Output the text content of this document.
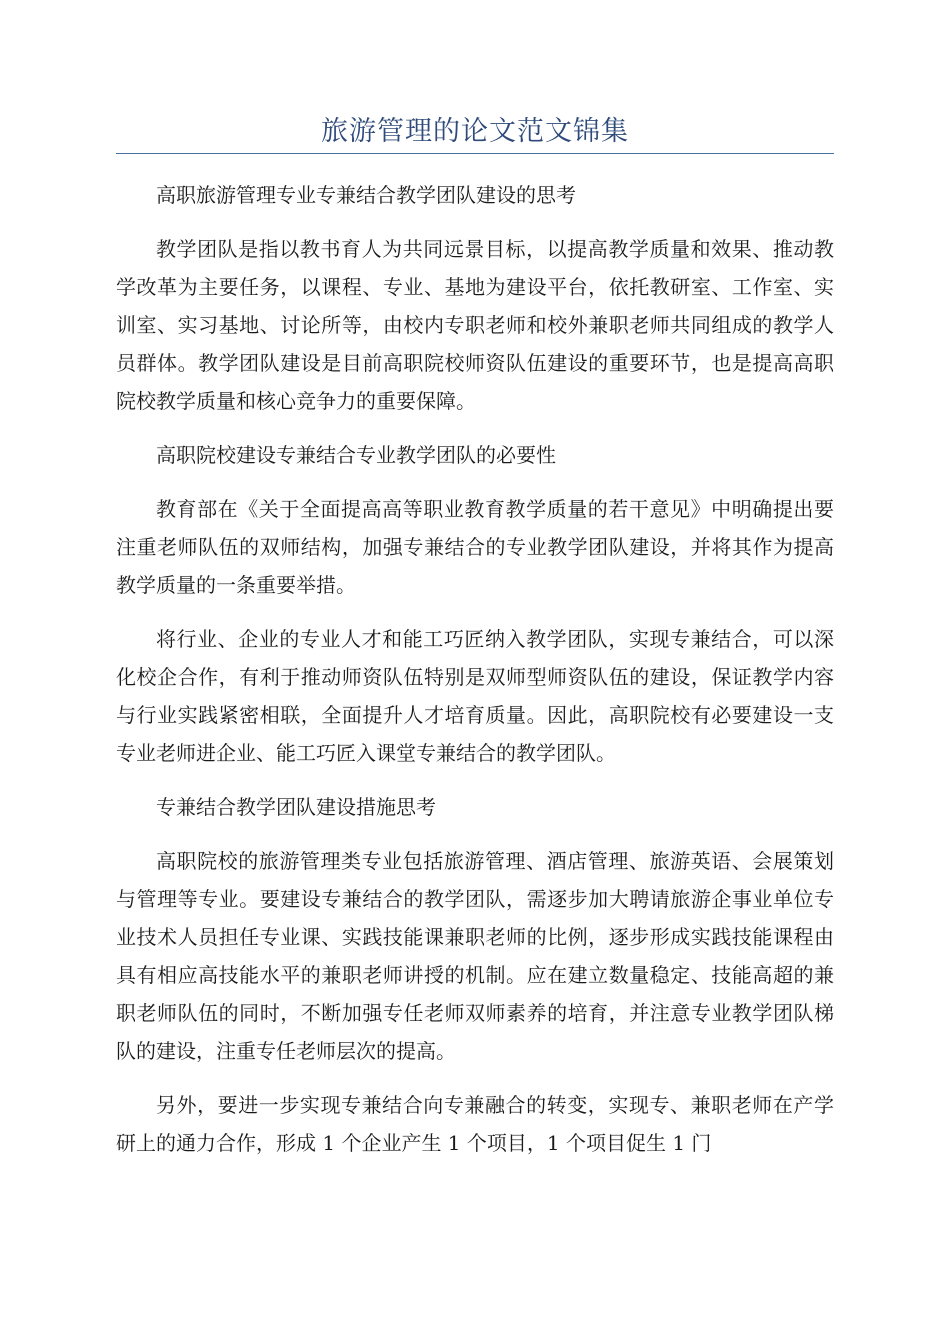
旅游管理的论文范文锦集

高职旅游管理专业专兼结合教学团队建设的思考

教学团队是指以教书育人为共同远景目标，以提高教学质量和效果、推动教学改革为主要任务，以课程、专业、基地为建设平台，依托教研室、工作室、实训室、实习基地、讨论所等，由校内专职老师和校外兼职老师共同组成的教学人员群体。教学团队建设是目前高职院校师资队伍建设的重要环节，也是提高高职院校教学质量和核心竞争力的重要保障。

高职院校建设专兼结合专业教学团队的必要性

教育部在《关于全面提高高等职业教育教学质量的若干意见》中明确提出要注重老师队伍的双师结构，加强专兼结合的专业教学团队建设，并将其作为提高教学质量的一条重要举措。

将行业、企业的专业人才和能工巧匠纳入教学团队，实现专兼结合，可以深化校企合作，有利于推动师资队伍特别是双师型师资队伍的建设，保证教学内容与行业实践紧密相联，全面提升人才培育质量。因此，高职院校有必要建设一支专业老师进企业、能工巧匠入课堂专兼结合的教学团队。

专兼结合教学团队建设措施思考

高职院校的旅游管理类专业包括旅游管理、酒店管理、旅游英语、会展策划与管理等专业。要建设专兼结合的教学团队，需逐步加大聘请旅游企事业单位专业技术人员担任专业课、实践技能课兼职老师的比例，逐步形成实践技能课程由具有相应高技能水平的兼职老师讲授的机制。应在建立数量稳定、技能高超的兼职老师队伍的同时，不断加强专任老师双师素养的培育，并注意专业教学团队梯队的建设，注重专任老师层次的提高。

另外，要进一步实现专兼结合向专兼融合的转变，实现专、兼职老师在产学研上的通力合作，形成 1 个企业产生 1 个项目，1 个项目促生 1 门
